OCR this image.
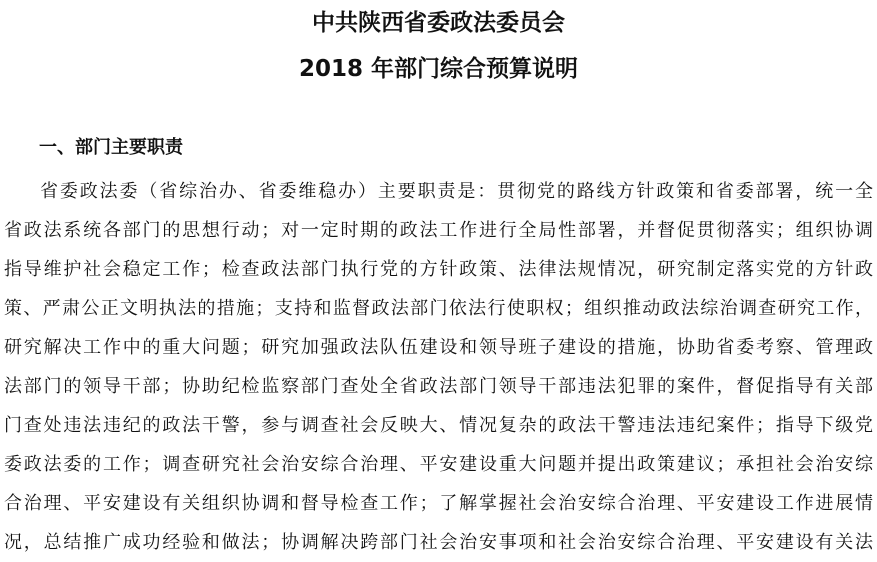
中共陕西省委政法委员会
2018 年部门综合预算说明
一、部门主要职责
省委政法委（省综治办、省委维稳办）主要职责是：贯彻党的路线方针政策和省委部署，统一全
省政法系统各部门的思想行动；对一定时期的政法工作进行全局性部署，并督促贯彻落实；组织协调
指导维护社会稳定工作；检查政法部门执行党的方针政策、法律法规情况，研究制定落实党的方针政
策、严肃公正文明执法的措施；支持和监督政法部门依法行使职权；组织推动政法综治调查研究工作，
研究解决工作中的重大问题；研究加强政法队伍建设和领导班子建设的措施，协助省委考察、管理政
法部门的领导干部；协助纪检监察部门查处全省政法部门领导干部违法犯罪的案件，督促指导有关部
门查处违法违纪的政法干警，参与调查社会反映大、情况复杂的政法干警违法违纪案件；指导下级党
委政法委的工作；调查研究社会治安综合治理、平安建设重大问题并提出政策建议；承担社会治安综
合治理、平安建设有关组织协调和督导检查工作；了解掌握社会治安综合治理、平安建设工作进展情
况，总结推广成功经验和做法；协调解决跨部门社会治安事项和社会治安综合治理、平安建设有关法
